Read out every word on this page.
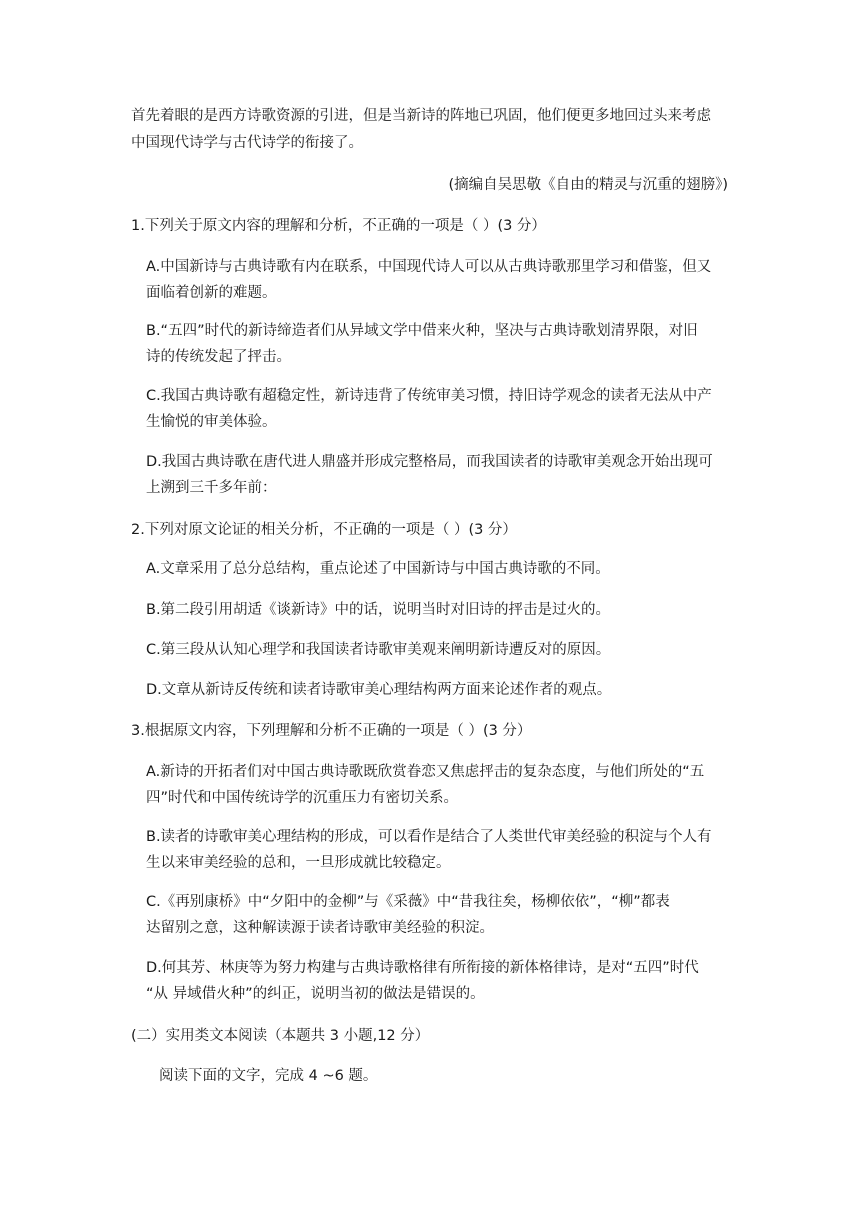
首先着眼的是西方诗歌资源的引进，但是当新诗的阵地已巩固，他们便更多地回过头来考虑
中国现代诗学与古代诗学的衔接了。
(摘编自吴思敬《自由的精灵与沉重的翅膀》)
1.下列关于原文内容的理解和分析，不正确的一项是（ ）(3 分）
A.中国新诗与古典诗歌有内在联系，中国现代诗人可以从古典诗歌那里学习和借鉴，但又
面临着创新的难题。
B.“五四”时代的新诗缔造者们从异域文学中借来火种，坚决与古典诗歌划清界限，对旧
诗的传统发起了抨击。
C.我国古典诗歌有超稳定性，新诗违背了传统审美习惯，持旧诗学观念的读者无法从中产
生愉悦的审美体验。
D.我国古典诗歌在唐代进人鼎盛并形成完整格局，而我国读者的诗歌审美观念开始出现可
上溯到三千多年前：
2.下列对原文论证的相关分析，不正确的一项是（ ）(3 分）
A.文章采用了总分总结构，重点论述了中国新诗与中国古典诗歌的不同。
B.第二段引用胡适《谈新诗》中的话，说明当时对旧诗的抨击是过火的。
C.第三段从认知心理学和我国读者诗歌审美观来阐明新诗遭反对的原因。
D.文章从新诗反传统和读者诗歌审美心理结构两方面来论述作者的观点。
3.根据原文内容，下列理解和分析不正确的一项是（ ）(3 分）
A.新诗的开拓者们对中国古典诗歌既欣赏眷恋又焦虑抨击的复杂态度，与他们所处的“五
四”时代和中国传统诗学的沉重压力有密切关系。
B.读者的诗歌审美心理结构的形成，可以看作是结合了人类世代审美经验的积淀与个人有
生以来审美经验的总和，一旦形成就比较稳定。
C.《再别康桥》中“夕阳中的金柳”与《采薇》中“昔我往矣，杨柳依依”，“柳”都表
达留别之意，这种解读源于读者诗歌审美经验的积淀。
D.何其芳、林庚等为努力构建与古典诗歌格律有所衔接的新体格律诗，是对“五四”时代
“从 异域借火种”的纠正，说明当初的做法是错误的。
(二）实用类文本阅读（本题共 3 小题,12 分）
阅读下面的文字，完成 4 ~6 题。
